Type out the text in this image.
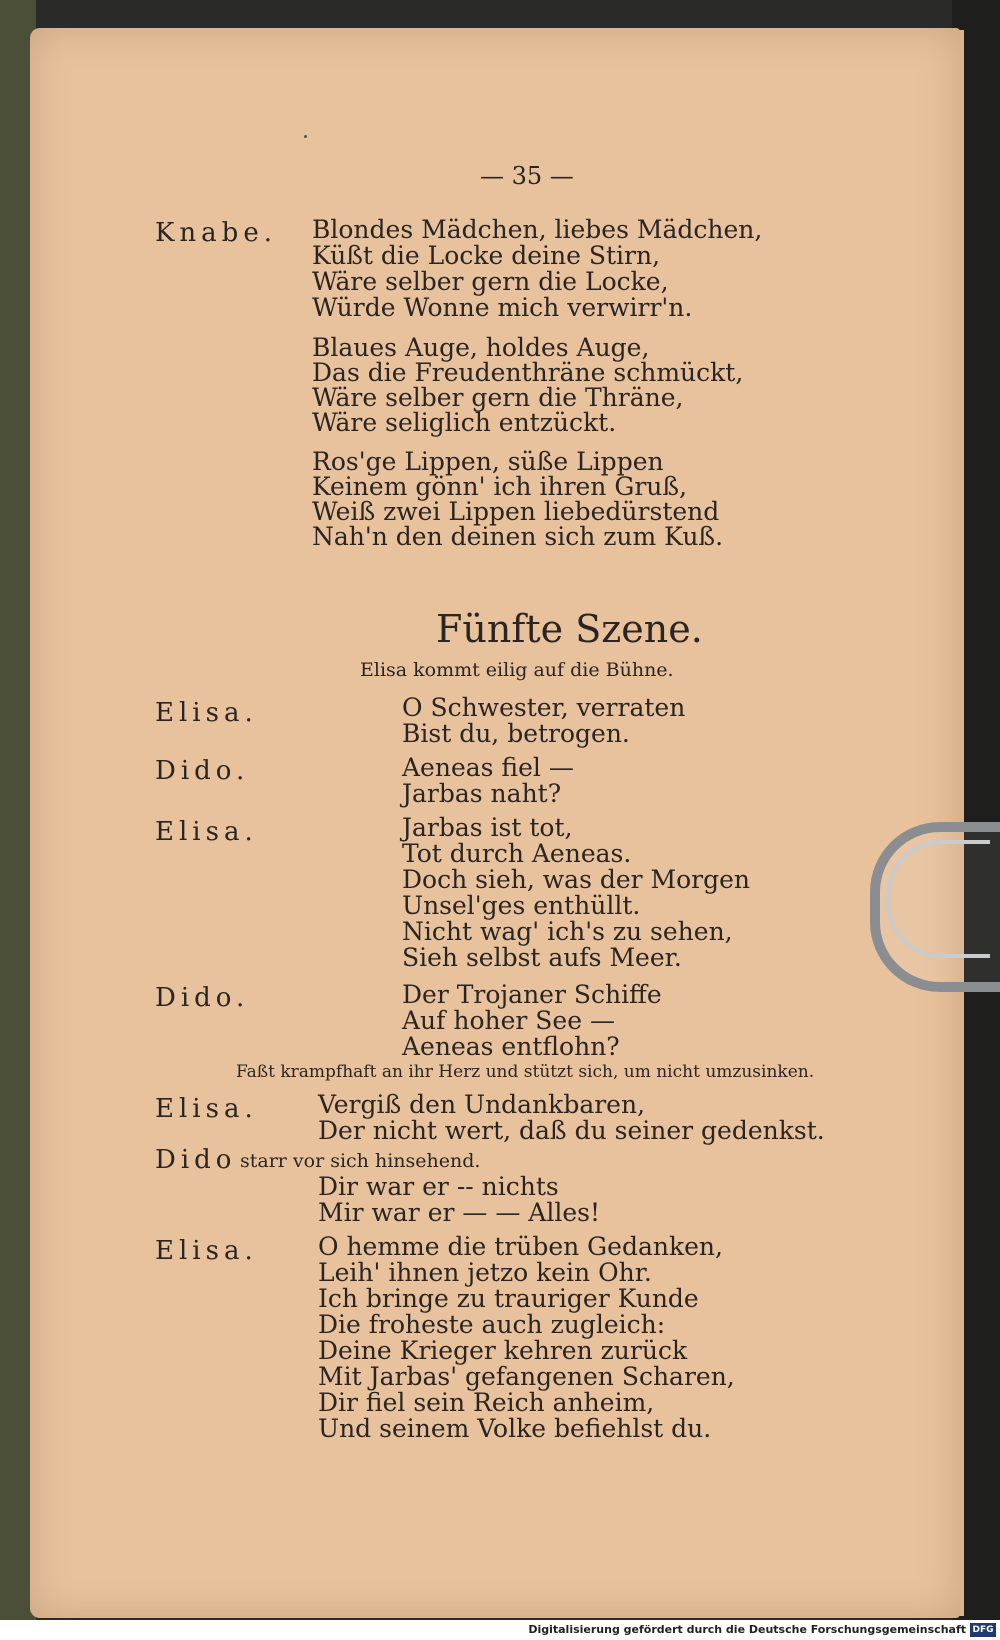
— 35 —
Knabe. Blondes Mädchen, liebes Mädchen,
Küßt die Locke deine Stirn,
Wäre selber gern die Locke,
Würde Wonne mich verwirr'n.
Blaues Auge, holdes Auge,
Das die Freudenthräne schmückt,
Wäre selber gern die Thräne,
Wäre seliglich entzückt.
Ros'ge Lippen, süße Lippen
Keinem gönn' ich ihren Gruß,
Weiß zwei Lippen liebedürstend
Nah'n den deinen sich zum Kuß.
Fünfte Szene.
Elisa kommt eilig auf die Bühne.
Elisa.	O Schwester, verraten
Bist du, betrogen.
Dido.	Aeneas fiel —
Jarbas naht?
Elisa.	Jarbas ist tot,
Tot durch Aeneas.
Doch sieh, was der Morgen
Unsel'ges enthüllt.
Nicht wag' ich's zu sehen,
Sieh selbst aufs Meer.
Dido.	Der Trojaner Schiffe
Auf hoher See —
Aeneas entflohn?
Faßt krampfhaft an ihr Herz und stützt sich, um nicht umzusinken.
Elisa. Vergiß den Undankbaren,
Der nicht wert, daß du seiner gedenkst.
Dido starr vor sich hinsehend.
Dir war er -- nichts
Mir war er — — Alles!
Elisa. O hemme die trüben Gedanken,
Leih' ihnen jetzo kein Ohr.
Ich bringe zu trauriger Kunde
Die froheste auch zugleich:
Deine Krieger kehren zurück
Mit Jarbas' gefangenen Scharen,
Dir fiel sein Reich anheim,
Und seinem Volke befiehlst du.
Digitalisierung gefördert durch die Deutsche Forschungsgemeinschaft DFG
